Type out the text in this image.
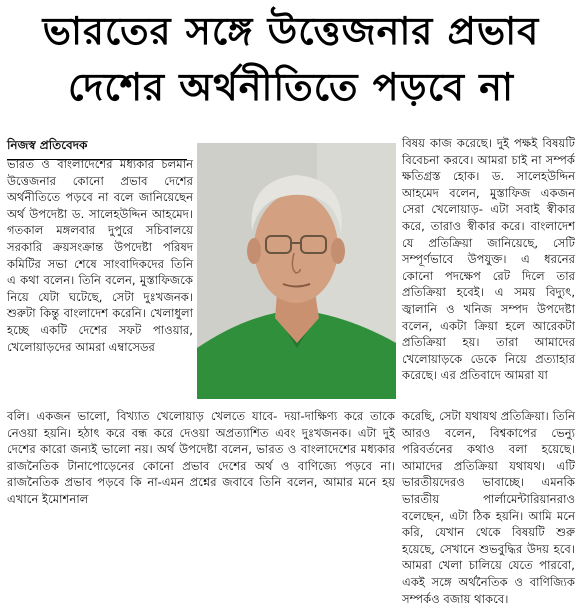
ভারতের সঙ্গে উত্তেজনার প্রভাব
দেশের অর্থনীতিতে পড়বে না
নিজস্ব প্রতিবেদক
ভারত ও বাংলাদেশের মধ্যকার চলমান উত্তেজনার কোনো প্রভাব দেশের অর্থনীতিতে পড়বে না বলে জানিয়েছেন অর্থ উপদেষ্টা ড. সালেহউদ্দিন আহমেদ। গতকাল মঙ্গলবার দুপুরে সচিবালয়ে সরকারি ক্রয়সংক্রান্ত উপদেষ্টা পরিষদ কমিটির সভা শেষে সাংবাদিকদের তিনি এ কথা বলেন। তিনি বলেন, মুস্তাফিজকে নিয়ে যেটা ঘটেছে, সেটা দুঃখজনক। শুরুটা কিন্তু বাংলাদেশ করেনি। খেলাধুলা হচ্ছে একটি দেশের সফট পাওয়ার, খেলোয়াড়দের আমরা এম্বাসেডর
বিষয় কাজ করেছে। দুই পক্ষই বিষয়টি বিবেচনা করবে। আমরা চাই না সম্পর্ক ক্ষতিগ্রস্ত হোক। ড. সালেহউদ্দিন আহমেদ বলেন, মুস্তাফিজ একজন সেরা খেলোয়াড়- এটা সবাই স্বীকার করে, তারাও স্বীকার করে। বাংলাদেশ যে প্রতিক্রিয়া জানিয়েছে, সেটি সম্পূর্ণভাবে উপযুক্ত। এ ধরনের কোনো পদক্ষেপ রেট দিলে তার প্রতিক্রিয়া হবেই। এ সময় বিদ্যুৎ, জ্বালানি ও খনিজ সম্পদ উপদেষ্টা বলেন, একটা ক্রিয়া হলে আরেকটা প্রতিক্রিয়া হয়। তারা আমাদের খেলোয়াড়কে ডেকে নিয়ে প্রত্যাহার করেছে। এর প্রতিবাদে আমরা যা
বলি। একজন ভালো, বিখ্যাত খেলোয়াড় খেলতে যাবে- দয়া-দাক্ষিণ্য করে তাকে নেওয়া হয়নি। হঠাৎ করে বন্ধ করে দেওয়া অপ্রত্যাশিত এবং দুঃখজনক। এটা দুই দেশের কারো জন্যই ভালো নয়। অর্থ উপদেষ্টা বলেন, ভারত ও বাংলাদেশের মধ্যকার রাজনৈতিক টানাপোড়েনের কোনো প্রভাব দেশের অর্থ ও বাণিজ্যে পড়বে না। রাজনৈতিক প্রভাব পড়বে কি না-এমন প্রশ্নের জবাবে তিনি বলেন, আমার মনে হয় এখানে ইমোশনালকরেছি, সেটা যথাযথ প্রতিক্রিয়া। তিনি আরও বলেন, বিশ্বকাপের ভেন্যু পরিবর্তনের কথাও বলা হয়েছে। আমাদের প্রতিক্রিয়া যথাযথ। এটি ভারতীয়দেরও ভাবাচ্ছে। এমনকি ভারতীয় পার্লামেন্টারিয়ানরাও বলেছেন, এটা ঠিক হয়নি। আমি মনে করি, যেখান থেকে বিষয়টি শুরু হয়েছে, সেখানে শুভবুদ্ধির উদয় হবে। আমরা খেলা চালিয়ে যেতে পারবো, একই সঙ্গে অর্থনৈতিক ও বাণিজ্যিক সম্পর্কও বজায় থাকবে।
